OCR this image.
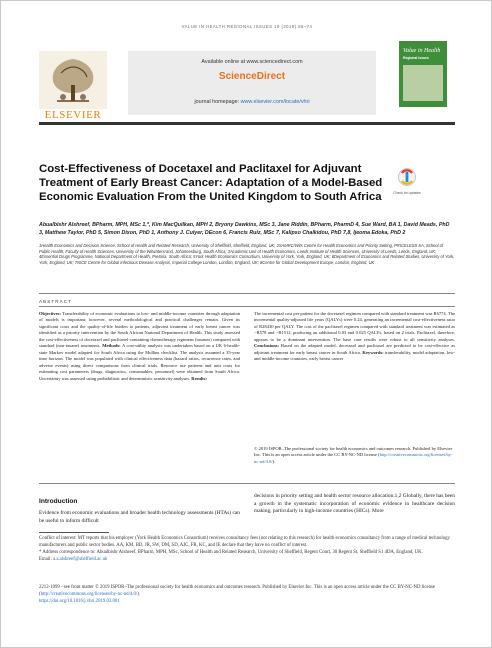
VALUE IN HEALTH REGIONAL ISSUES 19 (2019) 65–74
ELSEVIER
Available online at www.sciencedirect.com
ScienceDirect
journal homepage: www.elsevier.com/locate/vhri
Value in Health
Regional Issues
Cost-Effectiveness of Docetaxel and Paclitaxel for Adjuvant Treatment of Early Breast Cancer: Adaptation of a Model-Based Economic Evaluation From the United Kingdom to South Africa	Check for updates
Abualbishr Alshreef, BPharm, MPH, MSc 1,*, Kim MacQuilkan, MPH 2, Bryony Dawkins, MSc 3, Jane Riddin, BPharm, PharmD 4, Sue Ward, BA 1, David Meads, PhD 3, Matthew Taylor, PhD 5, Simon Dixon, PhD 1, Anthony J. Culyer, DEcon 6, Francis Ruiz, MSc 7, Kalipso Chalkidou, PhD 7,8, Ijeoma Edoka, PhD 2
1Health Economics and Decision Science, School of Health and Related Research, University of Sheffield, Sheffield, England, UK; 2SAMRC/Wits Centre for Health Economics and Priority Setting, PRICELESS SA, School of Public Health, Faculty of Health Sciences, University of the Witwatersrand, Johannesburg, South Africa; 3Academic Unit of Health Economics, Leeds Institute of Health Sciences, University of Leeds, Leeds, England, UK; 4Essential Drugs Programme, National Department of Health, Pretoria, South Africa; 5York Health Economics Consortium, University of York, York, England, UK; 6Department of Economics and Related Studies, University of York, York, England, UK; 7NICE Centre for Global Infectious Disease Analysis, Imperial College London, London, England, UK; 8Centre for Global Development Europe, London, England, UK
ABSTRACT
Objectives: Transferability of economic evaluations to low- and middle-income countries through adaptation of models is important; however, several methodological and practical challenges remain. Given its significant costs and the quality-of-life burden to patients, adjuvant treatment of early breast cancer was identified as a priority intervention by the South African National Department of Health. This study assessed the cost-effectiveness of docetaxel and paclitaxel-containing chemotherapy regimens (taxanes) compared with standard (non-taxane) treatments. Methods: A cost-utility analysis was undertaken based on a UK 6-health-state Markov model adapted for South Africa using the Mullins checklist. The analysis assumed a 35-year time horizon. The model was populated with clinical effectiveness data (hazard ratios, recurrence rates, and adverse events) using direct comparisons from clinical trials. Resource use patterns and unit costs for estimating cost parameters (drugs, diagnostics, consumables, personnel) were obtained from South Africa. Uncertainty was assessed using probabilistic and deterministic sensitivity analyses. Results:
The incremental cost per patient for the docetaxel regimen compared with standard treatment was R6774. The incremental quality-adjusted life years (QALYs) were 0.24, generating an incremental cost-effectiveness ratio of R28430 per QALY. The cost of the paclitaxel regimen compared with standard treatment was estimated as −R578 and −R1512, producing an additional 0.03 and 0.025 QALYs, based on 2 trials. Paclitaxel, therefore, appears to be a dominant intervention. The base case results were robust to all sensitivity analyses. Conclusions: Based on the adapted model, docetaxel and paclitaxel are predicted to be cost-effective as adjuvant treatment for early breast cancer in South Africa. Keywords: transferability, model adaptation, low- and middle-income countries, early breast cancer
© 2019 ISPOR–The professional society for health economics and outcomes research. Published by Elsevier Inc. This is an open access article under the CC BY-NC-ND license (http://creativecommons.org/licenses/by-nc-nd/4.0/).
Introduction
Evidence from economic evaluations and broader health technology assessments (HTAs) can be useful to inform difficult
decisions in priority setting and health sector resource allocation.1,2 Globally, there has been a growth in the systematic incorporation of economic evidence in healthcare decision making, particularly in high-income countries (HICs). More

Conflict of interest: MT reports that his employer (York Health Economics Consortium) receives consultancy fees (not relating to this research) for health economics consultancy from a range of medical technology manufacturers and public sector bodies. AA, KM, BD, JR, SW, DM, SD, AJC, FR, KC, and IE declare that they have no conflict of interest.

* Address correspondence to: Abualbishr Alshreef, BPharm, MPH, MSc, School of Health and Related Research, University of Sheffield, Regent Court, 30 Regent St, Sheffield S1 4DA, England, UK.

Email: a.a.alshreef@sheffield.ac.uk

2212-1099 - see front matter © 2019 ISPOR–The professional society for health economics and outcomes research. Published by Elsevier Inc. This is an open access article under the CC BY-NC-ND license (http://creativecommons.org/licenses/by-nc-nd/4.0/).
https://doi.org/10.1016/j.vhri.2019.03.001
